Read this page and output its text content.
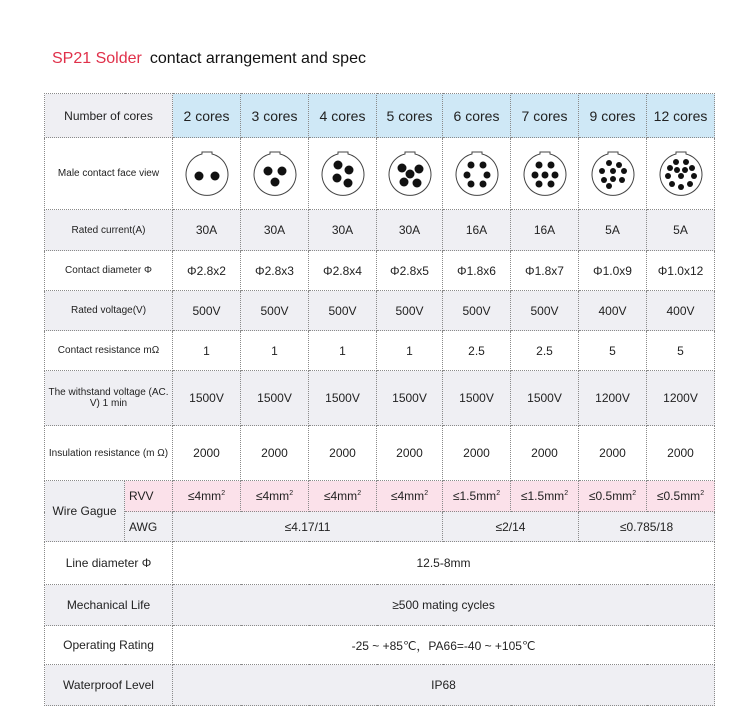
SP21 Solder contact arrangement and spec
Number of cores		2 cores	3 cores	4 cores	5 cores	6 cores	7 cores	9 cores	12 cores
Male contact face view	

Rated current(A)		30A	30A	30A	30A	16A	16A	5A	5A
Contact diameter Φ		Φ2.8x2	Φ2.8x3	Φ2.8x4	Φ2.8x5	Φ1.8x6	Φ1.8x7	Φ1.0x9	Φ1.0x12
Rated voltage(V)		500V	500V	500V	500V	500V	500V	400V	400V
Contact resistance mΩ		1	1	1	1	2.5	2.5	5	5
The withstand voltage (AC. V) 1 min		1500V	1500V	1500V	1500V	1500V	1500V	1200V	1200V
Insulation resistance (m Ω)		2000	2000	2000	2000	2000	2000	2000	2000
Wire Gague	RVV	$\le 4mm^2$	$\le 4mm^2$	$\le 4mm^2$	$\le 4mm^2$	$\le 1.5mm^2$	$\le 1.5mm^2$	$\le 0.5mm^2$	$\le 0.5mm^2$
	AWG	≤4.17/11				≤2/14		≤0.785/18	
Line diameter Φ		12.5-8mm							
Mechanical Life		≥500 mating cycles							
Operating Rating		-25 ~ +85℃，PA66=-40 ~ +105℃							
Waterproof Level		IP68							
